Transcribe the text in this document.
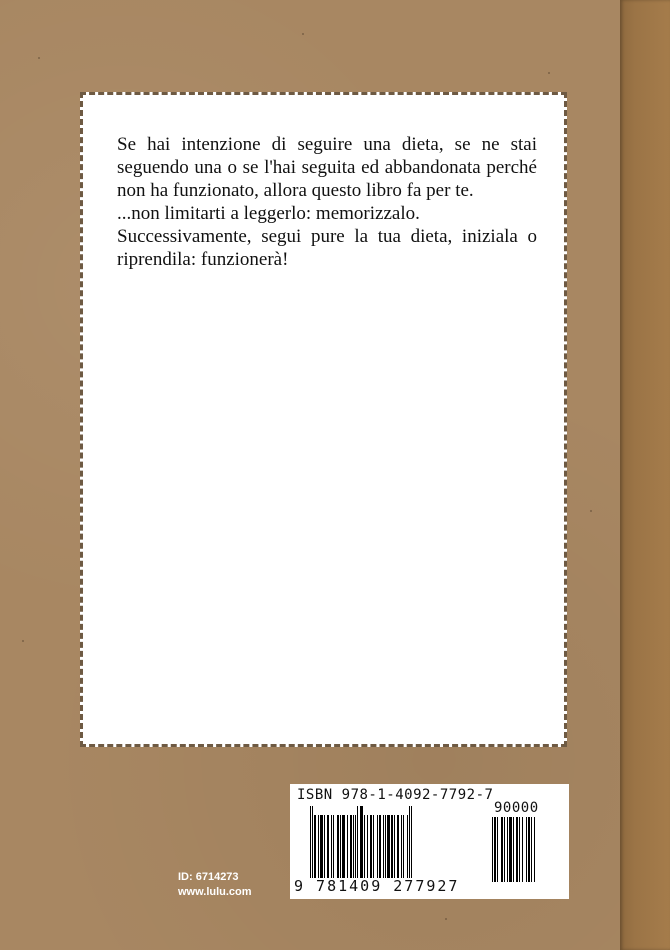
Se hai intenzione di seguire una dieta, se ne stai seguendo una o se l'hai seguita ed abbandonata perché non ha funzionato, allora questo libro fa per te.

...non limitarti a leggerlo: memorizzalo.

Successivamente, segui pure la tua dieta, iniziala o riprendila: funzionerà!

ISBN 978-1-4092-7792-7
90000
9 781409 277927
ID: 6714273
www.lulu.com
